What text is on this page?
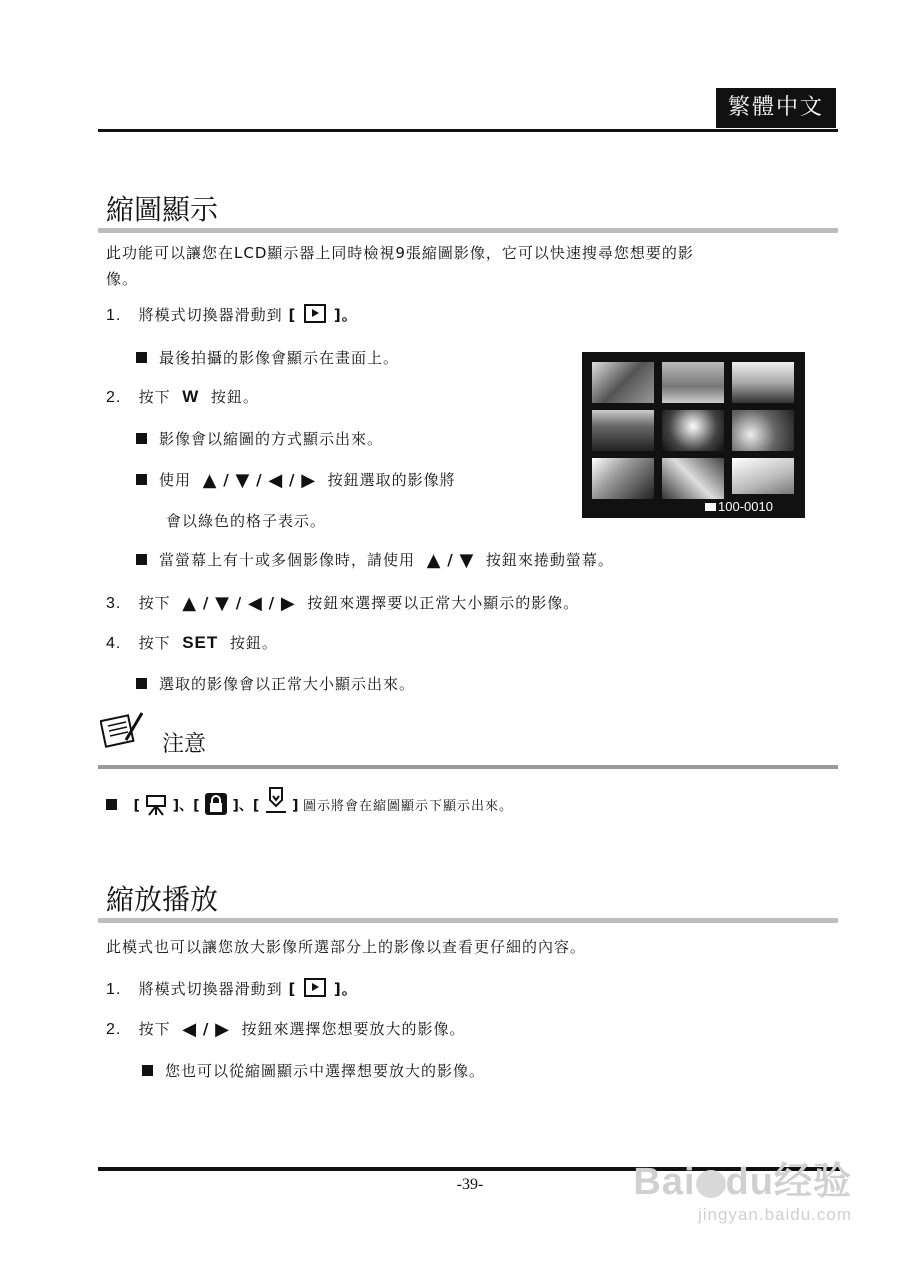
繁體中文
縮圖顯示
此功能可以讓您在LCD顯示器上同時檢視9張縮圖影像，它可以快速搜尋您想要的影
像。
1. 將模式切換器滑動到 [	]。
最後拍攝的影像會顯示在畫面上。
2. 按下 W 按鈕。
影像會以縮圖的方式顯示出來。
使用 ▲ / ▼ / ◀ / ▶ 按鈕選取的影像將
會以綠色的格子表示。
當螢幕上有十或多個影像時，請使用 ▲ / ▼ 按鈕來捲動螢幕。
3. 按下 ▲ / ▼ / ◀ / ▶ 按鈕來選擇要以正常大小顯示的影像。
4. 按下 SET 按鈕。
選取的影像會以正常大小顯示出來。
100-0010
注意
[ ]、[ ]、[ ] 圖示將會在縮圖顯示下顯示出來。
縮放播放
此模式也可以讓您放大影像所選部分上的影像以查看更仔細的內容。
1. 將模式切換器滑動到 [	]。
2. 按下 ◀ / ▶ 按鈕來選擇您想要放大的影像。
您也可以從縮圖顯示中選擇想要放大的影像。
-39-	Bai du经验
jingyan.baidu.com
